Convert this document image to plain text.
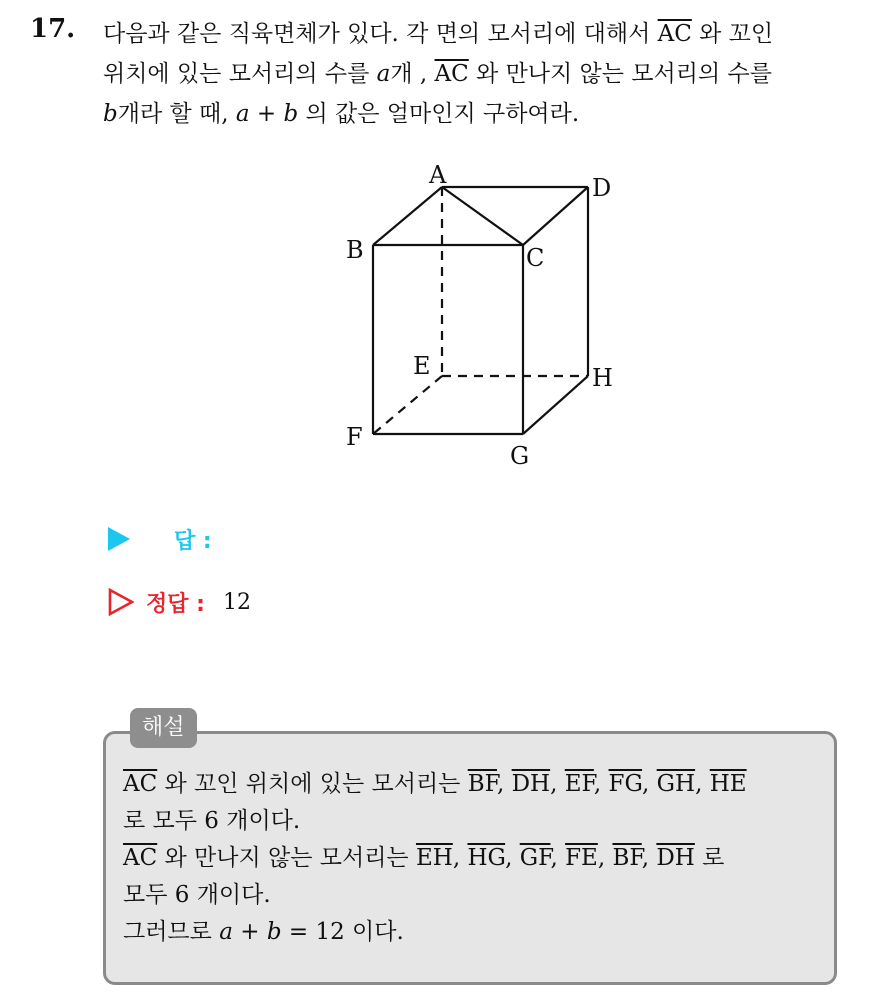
17. 다음과 같은 직육면체가 있다. 각 면의 모서리에 대해서 $\overline{AC}$ 와 꼬인
위치에 있는 모서리의 수를 a개 , $\overline{AC}$ 와 만나지 않는 모서리의 수를
b개라 할 때, a + b 의 값은 얼마인지 구하여라.
A	D
B	C
E	H
F
G
답 :
정답 : 12
해설
$\overline{AC}$ 와 꼬인 위치에 있는 모서리는 $\overline{BF}$, $\overline{DH}$, $\overline{EF}$, $\overline{FG}$, $\overline{GH}$, $\overline{HE}$
로 모두 6 개이다.
$\overline{AC}$ 와 만나지 않는 모서리는 $\overline{EH}$, $\overline{HG}$, $\overline{GF}$, $\overline{FE}$, $\overline{BF}$, $\overline{DH}$ 로
모두 6 개이다.
그러므로 a + b = 12 이다.
